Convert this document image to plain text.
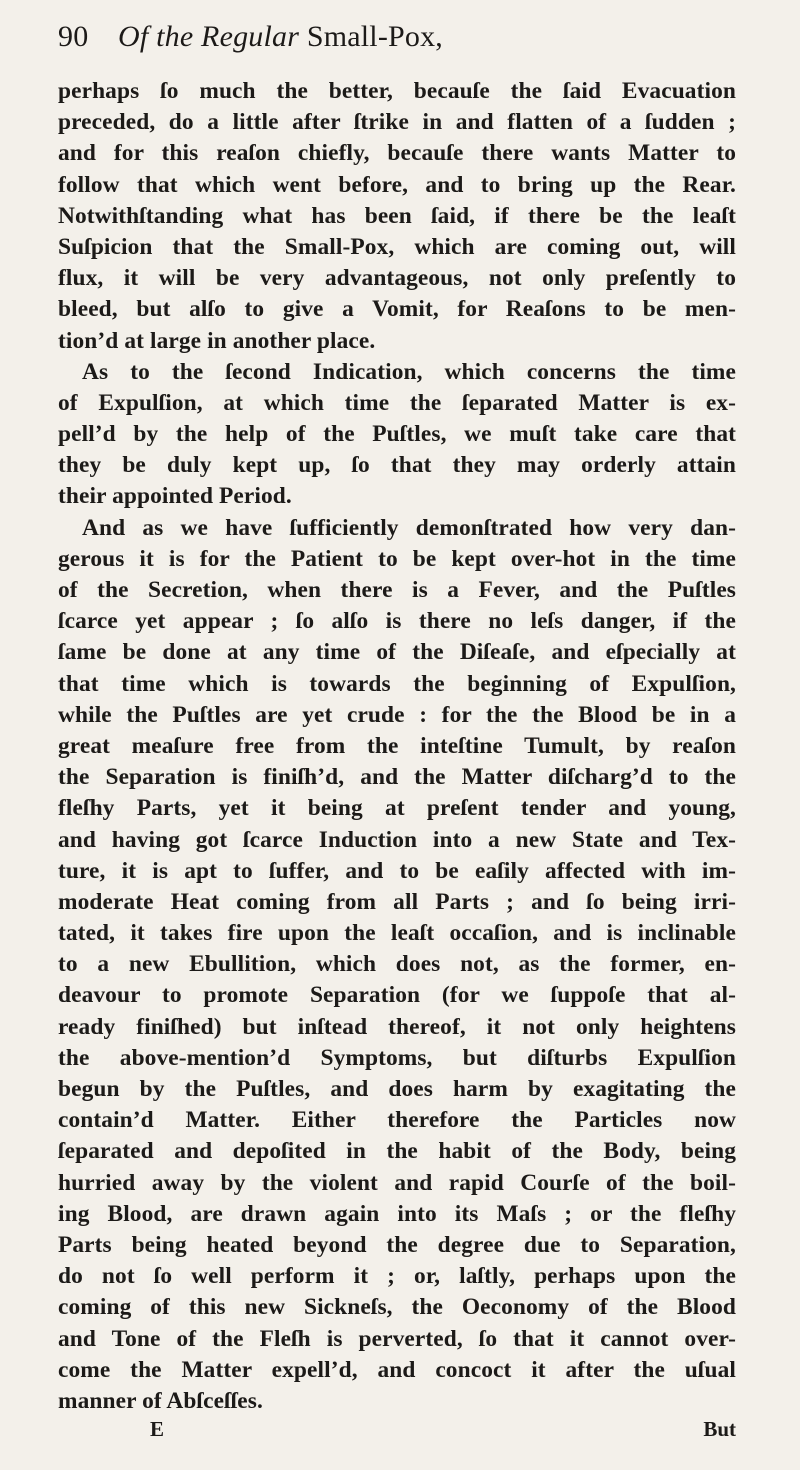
90 Of the Regular Small-Pox,
perhaps ſo much the better, becauſe the ſaid Evacuation
preceded, do a little after ſtrike in and flatten of a ſudden ;
and for this reaſon chiefly, becauſe there wants Matter to
follow that which went before, and to bring up the Rear.
Notwithſtanding what has been ſaid, if there be the leaſt
Suſpicion that the Small-Pox, which are coming out, will
flux, it will be very advantageous, not only preſently to
bleed, but alſo to give a Vomit, for Reaſons to be men-
tion’d at large in another place.
As to the ſecond Indication, which concerns the time
of Expulſion, at which time the ſeparated Matter is ex-
pell’d by the help of the Puſtles, we muſt take care that
they be duly kept up, ſo that they may orderly attain
their appointed Period.
And as we have ſufficiently demonſtrated how very dan-
gerous it is for the Patient to be kept over-hot in the time
of the Secretion, when there is a Fever, and the Puſtles
ſcarce yet appear ; ſo alſo is there no leſs danger, if the
ſame be done at any time of the Diſeaſe, and eſpecially at
that time which is towards the beginning of Expulſion,
while the Puſtles are yet crude : for the the Blood be in a
great meaſure free from the inteſtine Tumult, by reaſon
the Separation is finiſh’d, and the Matter diſcharg’d to the
fleſhy Parts, yet it being at preſent tender and young,
and having got ſcarce Induction into a new State and Tex-
ture, it is apt to ſuffer, and to be eaſily affected with im-
moderate Heat coming from all Parts ; and ſo being irri-
tated, it takes fire upon the leaſt occaſion, and is inclinable
to a new Ebullition, which does not, as the former, en-
deavour to promote Separation (for we ſuppoſe that al-
ready finiſhed) but inſtead thereof, it not only heightens
the above-mention’d Symptoms, but diſturbs Expulſion
begun by the Puſtles, and does harm by exagitating the
contain’d Matter. Either therefore the Particles now
ſeparated and depoſited in the habit of the Body, being
hurried away by the violent and rapid Courſe of the boil-
ing Blood, are drawn again into its Maſs ; or the fleſhy
Parts being heated beyond the degree due to Separation,
do not ſo well perform it ; or, laſtly, perhaps upon the
coming of this new Sickneſs, the Oeconomy of the Blood
and Tone of the Fleſh is perverted, ſo that it cannot over-
come the Matter expell’d, and concoct it after the uſual
manner of Abſceſſes.
E	But
